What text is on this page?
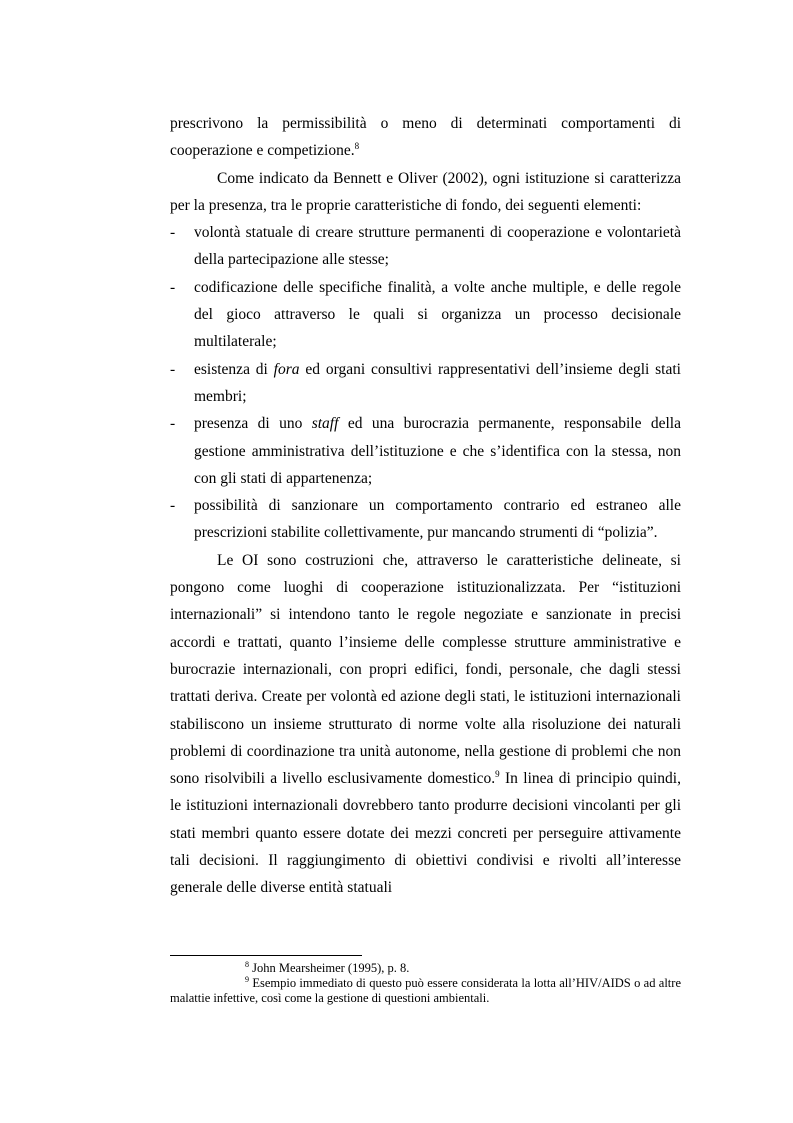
prescrivono la permissibilità o meno di determinati comportamenti di cooperazione e competizione.$^8$

Come indicato da Bennett e Oliver (2002), ogni istituzione si caratterizza per la presenza, tra le proprie caratteristiche di fondo, dei seguenti elementi:

- volontà statuale di creare strutture permanenti di cooperazione e volontarietà della partecipazione alle stesse;
- codificazione delle specifiche finalità, a volte anche multiple, e delle regole del gioco attraverso le quali si organizza un processo decisionale multilaterale;
- esistenza di fora ed organi consultivi rappresentativi dell’insieme degli stati membri;
- presenza di uno staff ed una burocrazia permanente, responsabile della gestione amministrativa dell’istituzione e che s’identifica con la stessa, non con gli stati di appartenenza;
- possibilità di sanzionare un comportamento contrario ed estraneo alle prescrizioni stabilite collettivamente, pur mancando strumenti di “polizia”.

Le OI sono costruzioni che, attraverso le caratteristiche delineate, si pongono come luoghi di cooperazione istituzionalizzata. Per “istituzioni internazionali” si intendono tanto le regole negoziate e sanzionate in precisi accordi e trattati, quanto l’insieme delle complesse strutture amministrative e burocrazie internazionali, con propri edifici, fondi, personale, che dagli stessi trattati deriva. Create per volontà ed azione degli stati, le istituzioni internazionali stabiliscono un insieme strutturato di norme volte alla risoluzione dei naturali problemi di coordinazione tra unità autonome, nella gestione di problemi che non sono risolvibili a livello esclusivamente domestico.$^9$ In linea di principio quindi, le istituzioni internazionali dovrebbero tanto produrre decisioni vincolanti per gli stati membri quanto essere dotate dei mezzi concreti per perseguire attivamente tali decisioni. Il raggiungimento di obiettivi condivisi e rivolti all’interesse generale delle diverse entità statuali

$^8$ John Mearsheimer (1995), p. 8.

$^9$ Esempio immediato di questo può essere considerata la lotta all’HIV/AIDS o ad altre malattie infettive, così come la gestione di questioni ambientali.
